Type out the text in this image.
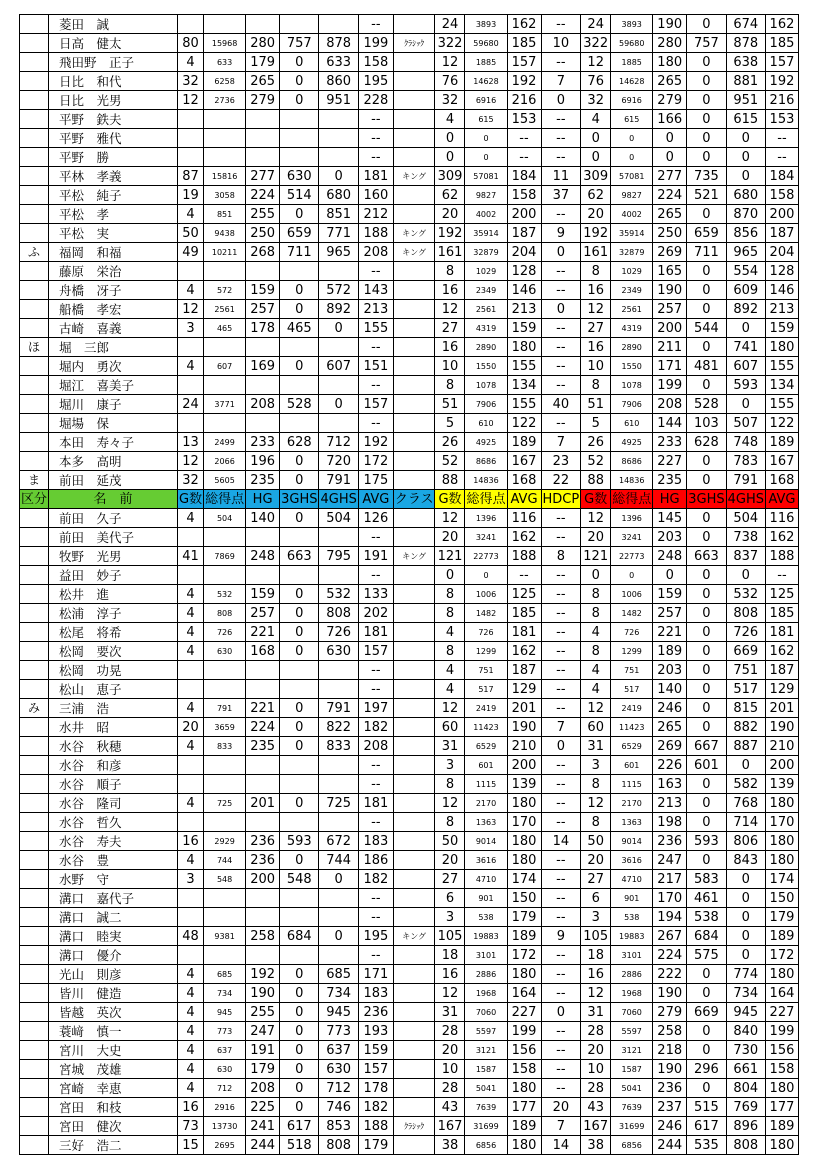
	菱田　誠						--		24	3893	162	--	24	3893	190	0	674	162
	日高　健太	80	15968	280	757	878	199	ｸﾗｼｯｸ	322	59680	185	10	322	59680	280	757	878	185
	飛田野　正子	4	633	179	0	633	158		12	1885	157	--	12	1885	180	0	638	157
	日比　和代	32	6258	265	0	860	195		76	14628	192	7	76	14628	265	0	881	192
	日比　光男	12	2736	279	0	951	228		32	6916	216	0	32	6916	279	0	951	216
	平野　鉄夫						--		4	615	153	--	4	615	166	0	615	153
	平野　雅代						--		0	0	--	--	0	0	0	0	0	--
	平野　勝						--		0	0	--	--	0	0	0	0	0	--
	平林　孝義	87	15816	277	630	0	181	キング	309	57081	184	11	309	57081	277	735	0	184
	平松　純子	19	3058	224	514	680	160		62	9827	158	37	62	9827	224	521	680	158
	平松　孝	4	851	255	0	851	212		20	4002	200	--	20	4002	265	0	870	200
	平松　実	50	9438	250	659	771	188	キング	192	35914	187	9	192	35914	250	659	856	187
ふ	福岡　和福	49	10211	268	711	965	208	キング	161	32879	204	0	161	32879	269	711	965	204
	藤原　栄治						--		8	1029	128	--	8	1029	165	0	554	128
	舟橋　冴子	4	572	159	0	572	143		16	2349	146	--	16	2349	190	0	609	146
	船橋　孝宏	12	2561	257	0	892	213		12	2561	213	0	12	2561	257	0	892	213
	古崎　喜義	3	465	178	465	0	155		27	4319	159	--	27	4319	200	544	0	159
ほ	堀　三郎						--		16	2890	180	--	16	2890	211	0	741	180
	堀内　勇次	4	607	169	0	607	151		10	1550	155	--	10	1550	171	481	607	155
	堀江　喜美子						--		8	1078	134	--	8	1078	199	0	593	134
	堀川　康子	24	3771	208	528	0	157		51	7906	155	40	51	7906	208	528	0	155
	堀場　保						--		5	610	122	--	5	610	144	103	507	122
	本田　寿々子	13	2499	233	628	712	192		26	4925	189	7	26	4925	233	628	748	189
	本多　高明	12	2066	196	0	720	172		52	8686	167	23	52	8686	227	0	783	167
ま	前田　延茂	32	5605	235	0	791	175		88	14836	168	22	88	14836	235	0	791	168
区分	名　前	G数	総得点	HG	3GHS	4GHS	AVG	クラス	G数	総得点	AVG	HDCP	G数	総得点	HG	3GHS	4GHS	AVG
	前田　久子	4	504	140	0	504	126		12	1396	116	--	12	1396	145	0	504	116
	前田　美代子						--		20	3241	162	--	20	3241	203	0	738	162
	牧野　光男	41	7869	248	663	795	191	キング	121	22773	188	8	121	22773	248	663	837	188
	益田　妙子						--		0	0	--	--	0	0	0	0	0	--
	松井　進	4	532	159	0	532	133		8	1006	125	--	8	1006	159	0	532	125
	松浦　淳子	4	808	257	0	808	202		8	1482	185	--	8	1482	257	0	808	185
	松尾　将希	4	726	221	0	726	181		4	726	181	--	4	726	221	0	726	181
	松岡　要次	4	630	168	0	630	157		8	1299	162	--	8	1299	189	0	669	162
	松岡　功晃						--		4	751	187	--	4	751	203	0	751	187
	松山　恵子						--		4	517	129	--	4	517	140	0	517	129
み	三浦　浩	4	791	221	0	791	197		12	2419	201	--	12	2419	246	0	815	201
	水井　昭	20	3659	224	0	822	182		60	11423	190	7	60	11423	265	0	882	190
	水谷　秋穂	4	833	235	0	833	208		31	6529	210	0	31	6529	269	667	887	210
	水谷　和彦						--		3	601	200	--	3	601	226	601	0	200
	水谷　順子						--		8	1115	139	--	8	1115	163	0	582	139
	水谷　隆司	4	725	201	0	725	181		12	2170	180	--	12	2170	213	0	768	180
	水谷　哲久						--		8	1363	170	--	8	1363	198	0	714	170
	水谷　寿夫	16	2929	236	593	672	183		50	9014	180	14	50	9014	236	593	806	180
	水谷　豊	4	744	236	0	744	186		20	3616	180	--	20	3616	247	0	843	180
	水野　守	3	548	200	548	0	182		27	4710	174	--	27	4710	217	583	0	174
	溝口　嘉代子						--		6	901	150	--	6	901	170	461	0	150
	溝口　誠二						--		3	538	179	--	3	538	194	538	0	179
	溝口　睦実	48	9381	258	684	0	195	キング	105	19883	189	9	105	19883	267	684	0	189
	溝口　優介						--		18	3101	172	--	18	3101	224	575	0	172
	光山　則彦	4	685	192	0	685	171		16	2886	180	--	16	2886	222	0	774	180
	皆川　健造	4	734	190	0	734	183		12	1968	164	--	12	1968	190	0	734	164
	皆越　英次	4	945	255	0	945	236		31	7060	227	0	31	7060	279	669	945	227
	蓑﨑　慎一	4	773	247	0	773	193		28	5597	199	--	28	5597	258	0	840	199
	宮川　大史	4	637	191	0	637	159		20	3121	156	--	20	3121	218	0	730	156
	宮城　茂雄	4	630	179	0	630	157		10	1587	158	--	10	1587	190	296	661	158
	宮崎　幸恵	4	712	208	0	712	178		28	5041	180	--	28	5041	236	0	804	180
	宮田　和枝	16	2916	225	0	746	182		43	7639	177	20	43	7639	237	515	769	177
	宮田　健次	73	13730	241	617	853	188	ｸﾗｼｯｸ	167	31699	189	7	167	31699	246	617	896	189
	三好　浩二	15	2695	244	518	808	179		38	6856	180	14	38	6856	244	535	808	180
